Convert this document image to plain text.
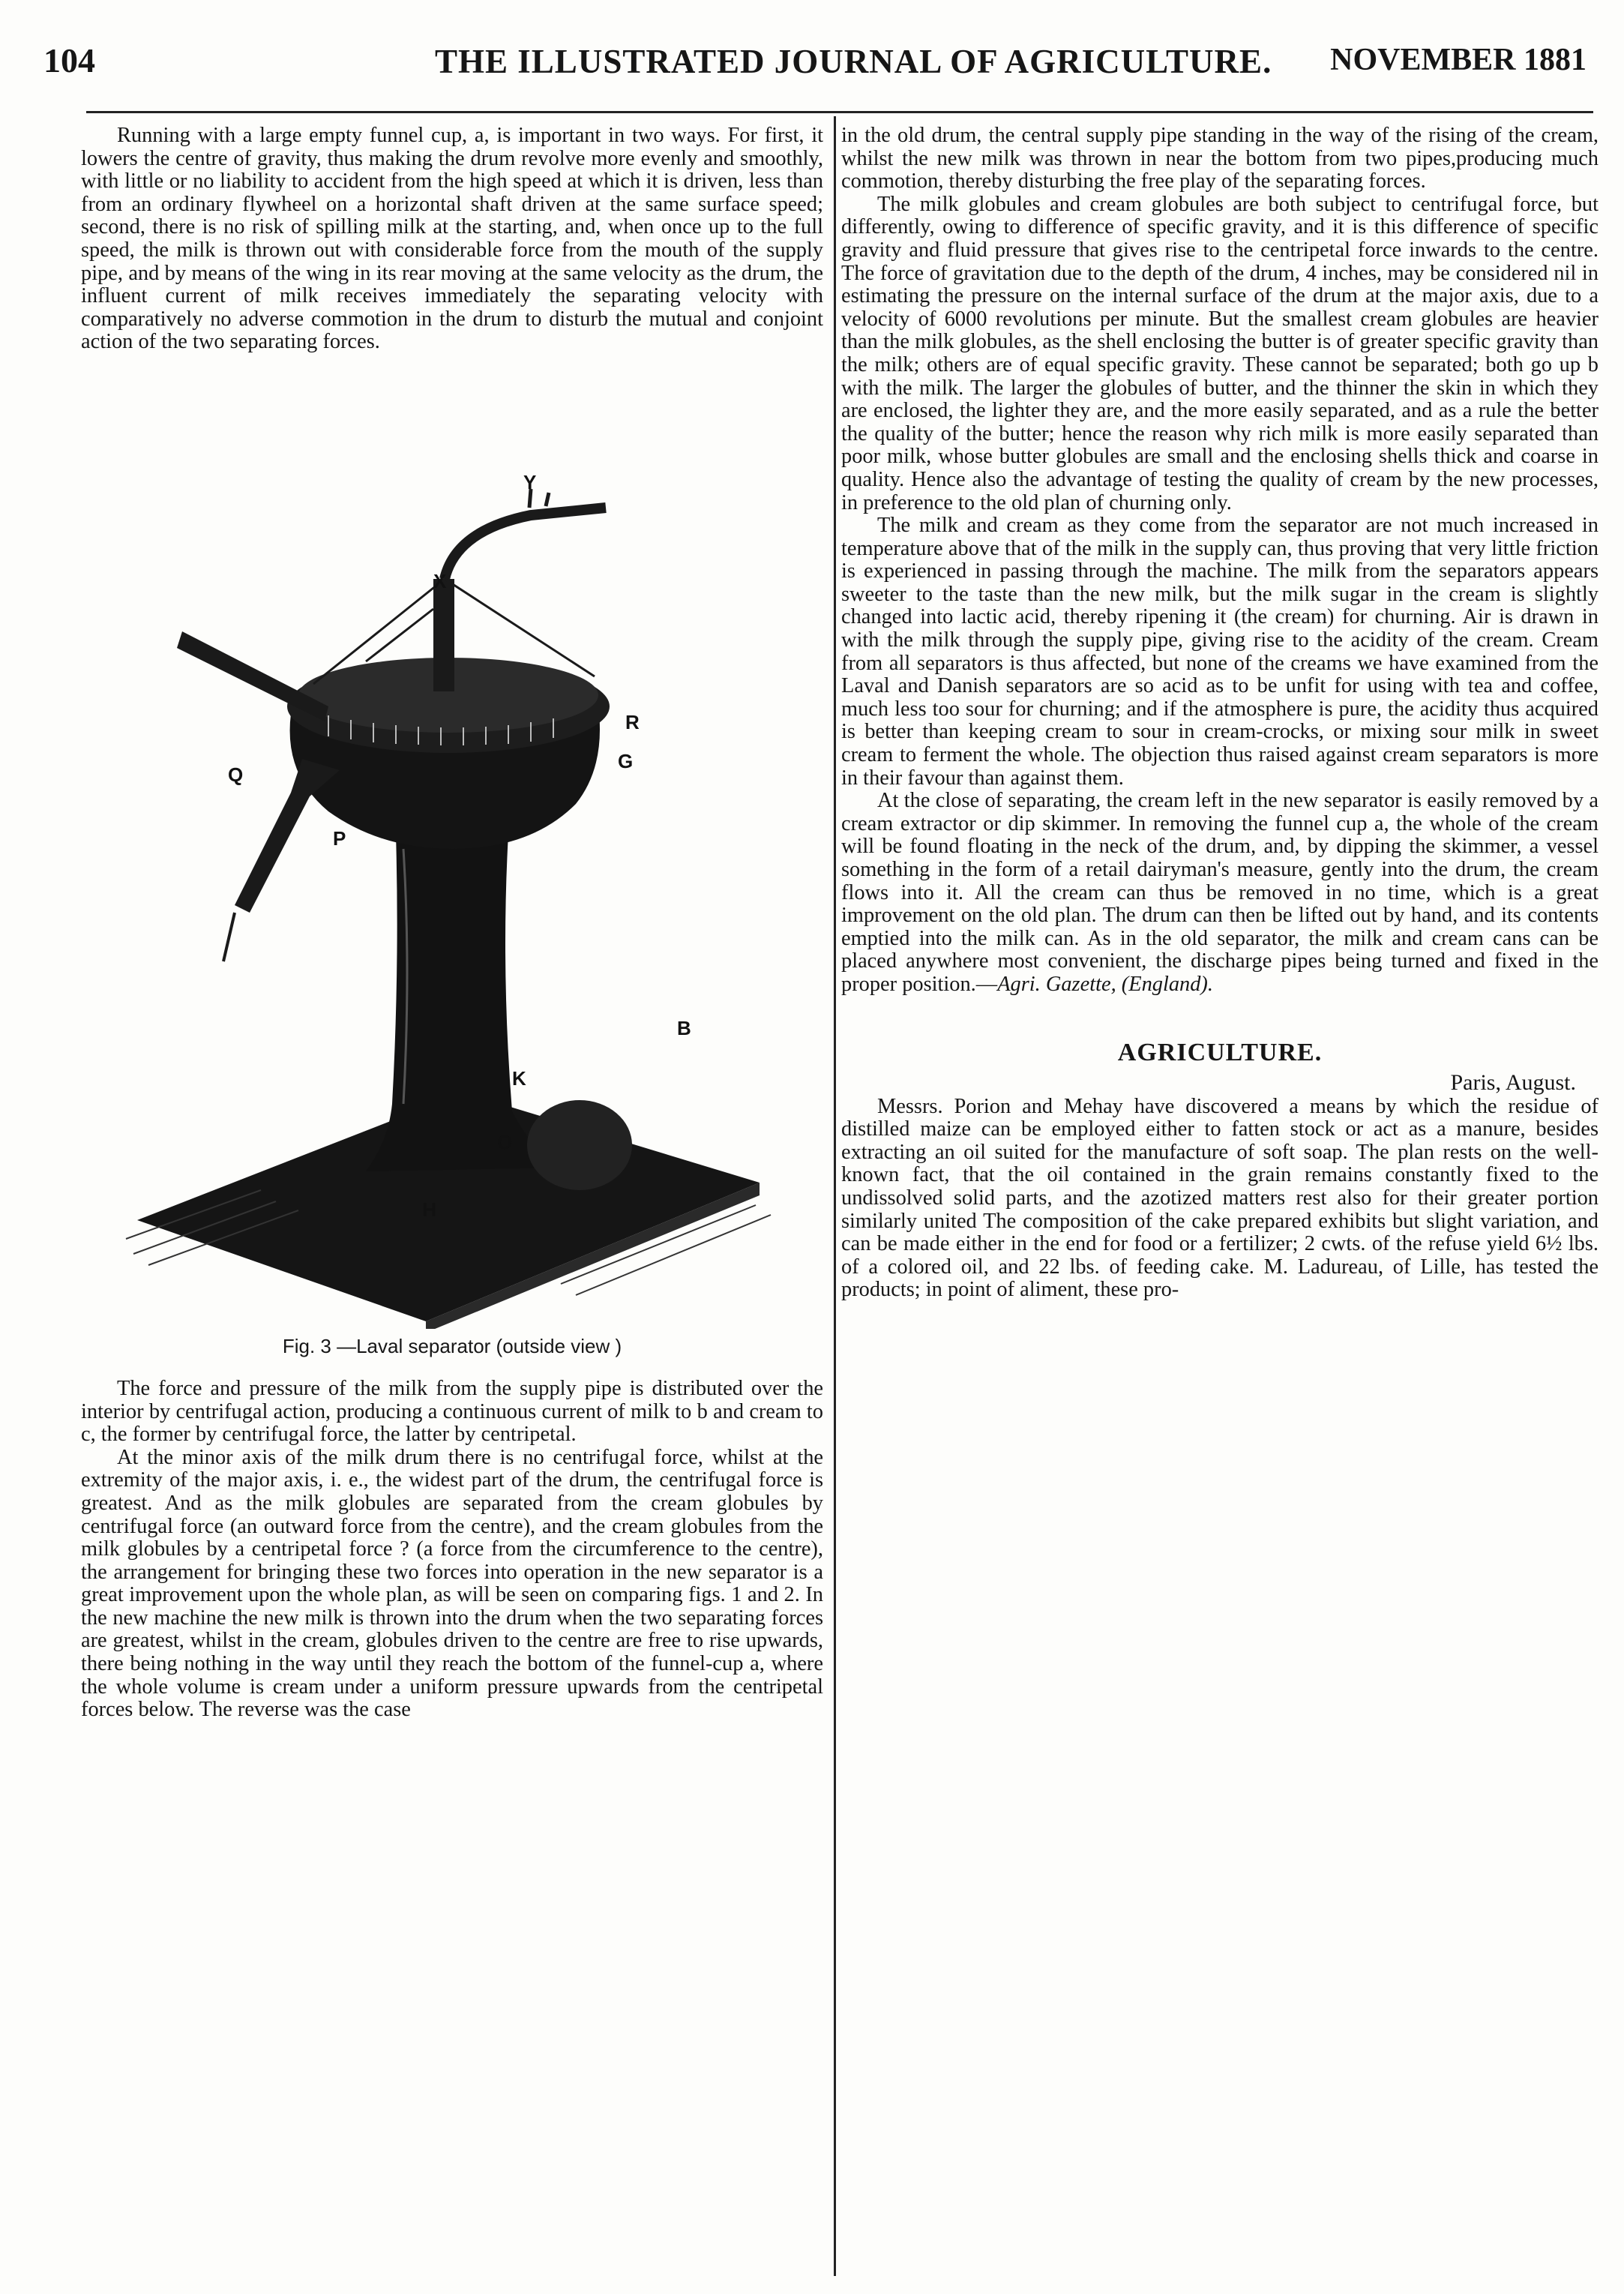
104	THE ILLUSTRATED JOURNAL OF AGRICULTURE. NOVEMBER 1881

Running with a large empty funnel cup, a, is important in two ways. For first, it lowers the centre of gravity, thus making the drum revolve more evenly and smoothly, with little or no liability to accident from the high speed at which it is driven, less than from an ordinary flywheel on a horizontal shaft driven at the same surface speed; second, there is no risk of spilling milk at the starting, and, when once up to the full speed, the milk is thrown out with considerable force from the mouth of the supply pipe, and by means of the wing in its rear moving at the same velocity as the drum, the influent current of milk receives immediately the separating velocity with comparatively no adverse commotion in the drum to disturb the mutual and conjoint action of the two separating forces.

Y
X
R
G
Q
P
O
B
K
H
Fig. 3 —Laval separator (outside view )

The force and pressure of the milk from the supply pipe is distributed over the interior by centrifugal action, producing a continuous current of milk to b and cream to c, the former by centrifugal force, the latter by centripetal.

At the minor axis of the milk drum there is no centrifugal force, whilst at the extremity of the major axis, i. e., the widest part of the drum, the centrifugal force is greatest. And as the milk globules are separated from the cream globules by centrifugal force (an outward force from the centre), and the cream globules from the milk globules by a centripetal force ? (a force from the circumference to the centre), the arrangement for bringing these two forces into operation in the new separator is a great improvement upon the whole plan, as will be seen on comparing figs. 1 and 2. In the new machine the new milk is thrown into the drum when the two separating forces are greatest, whilst in the cream, globules driven to the centre are free to rise upwards, there being nothing in the way until they reach the bottom of the funnel-cup a, where the whole volume is cream under a uniform pressure upwards from the centripetal forces below. The reverse was the case

in the old drum, the central supply pipe standing in the way of the rising of the cream, whilst the new milk was thrown in near the bottom from two pipes,producing much commotion, thereby disturbing the free play of the separating forces.

The milk globules and cream globules are both subject to centrifugal force, but differently, owing to difference of specific gravity, and it is this difference of specific gravity and fluid pressure that gives rise to the centripetal force inwards to the centre. The force of gravitation due to the depth of the drum, 4 inches, may be considered nil in estimating the pressure on the internal surface of the drum at the major axis, due to a velocity of 6000 revolutions per minute. But the smallest cream globules are heavier than the milk globules, as the shell enclosing the butter is of greater specific gravity than the milk; others are of equal specific gravity. These cannot be separated; both go up b with the milk. The larger the globules of butter, and the thinner the skin in which they are enclosed, the lighter they are, and the more easily separated, and as a rule the better the quality of the butter; hence the reason why rich milk is more easily separated than poor milk, whose butter globules are small and the enclosing shells thick and coarse in quality. Hence also the advantage of testing the quality of cream by the new processes, in preference to the old plan of churning only.

The milk and cream as they come from the separator are not much increased in temperature above that of the milk in the supply can, thus proving that very little friction is experienced in passing through the machine. The milk from the separators appears sweeter to the taste than the new milk, but the milk sugar in the cream is slightly changed into lactic acid, thereby ripening it (the cream) for churning. Air is drawn in with the milk through the supply pipe, giving rise to the acidity of the cream. Cream from all separators is thus affected, but none of the creams we have examined from the Laval and Danish separators are so acid as to be unfit for using with tea and coffee, much less too sour for churning; and if the atmosphere is pure, the acidity thus acquired is better than keeping cream to sour in cream-crocks, or mixing sour milk in sweet cream to ferment the whole. The objection thus raised against cream separators is more in their favour than against them.

At the close of separating, the cream left in the new separator is easily removed by a cream extractor or dip skimmer. In removing the funnel cup a, the whole of the cream will be found floating in the neck of the drum, and, by dipping the skimmer, a vessel something in the form of a retail dairyman's measure, gently into the drum, the cream flows into it. All the cream can thus be removed in no time, which is a great improvement on the old plan. The drum can then be lifted out by hand, and its contents emptied into the milk can. As in the old separator, the milk and cream cans can be placed anywhere most convenient, the discharge pipes being turned and fixed in the proper position.—Agri. Gazette, (England).

AGRICULTURE.
Paris, August.

Messrs. Porion and Mehay have discovered a means by which the residue of distilled maize can be employed either to fatten stock or act as a manure, besides extracting an oil suited for the manufacture of soft soap. The plan rests on the well-known fact, that the oil contained in the grain remains constantly fixed to the undissolved solid parts, and the azotized matters rest also for their greater portion similarly united The composition of the cake prepared exhibits but slight variation, and can be made either in the end for food or a fertilizer; 2 cwts. of the refuse yield 6½ lbs. of a colored oil, and 22 lbs. of feeding cake. M. Ladureau, of Lille, has tested the products; in point of aliment, these pro-
